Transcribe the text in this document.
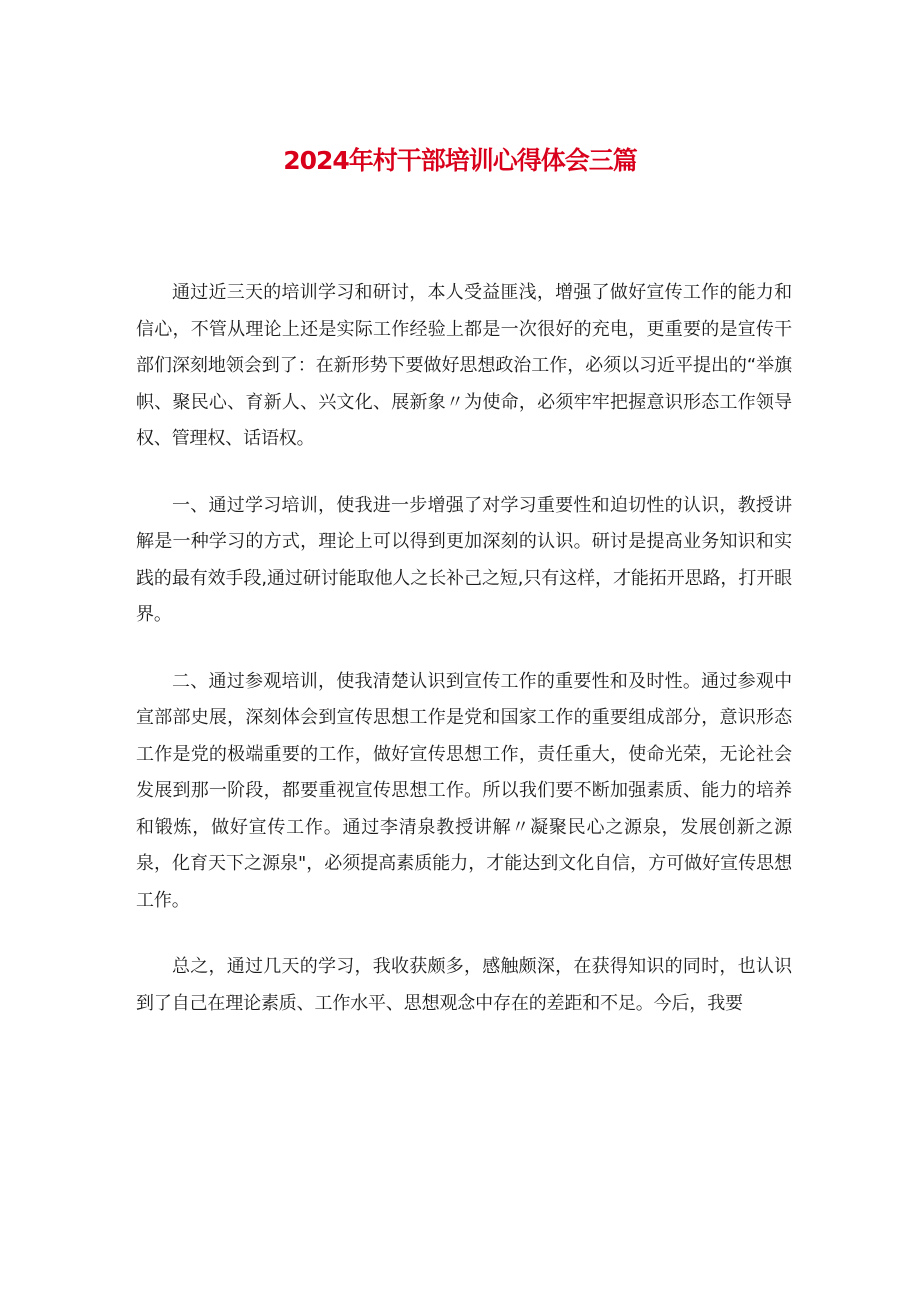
2024年村干部培训心得体会三篇

通过近三天的培训学习和研讨，本人受益匪浅，增强了做好宣传工作的能力和信心，不管从理论上还是实际工作经验上都是一次很好的充电，更重要的是宣传干部们深刻地领会到了：在新形势下要做好思想政治工作，必须以习近平提出的“举旗帜、聚民心、育新人、兴文化、展新象〃为使命，必须牢牢把握意识形态工作领导权、管理权、话语权。

一、通过学习培训，使我进一步增强了对学习重要性和迫切性的认识，教授讲解是一种学习的方式，理论上可以得到更加深刻的认识。研讨是提高业务知识和实践的最有效手段,通过研讨能取他人之长补己之短,只有这样，才能拓开思路，打开眼界。

二、通过参观培训，使我清楚认识到宣传工作的重要性和及时性。通过参观中宣部部史展，深刻体会到宣传思想工作是党和国家工作的重要组成部分，意识形态工作是党的极端重要的工作，做好宣传思想工作，责任重大，使命光荣，无论社会发展到那一阶段，都要重视宣传思想工作。所以我们要不断加强素质、能力的培养和锻炼，做好宣传工作。通过李清泉教授讲解〃凝聚民心之源泉，发展创新之源泉，化育天下之源泉"，必须提高素质能力，才能达到文化自信，方可做好宣传思想工作。

总之，通过几天的学习，我收获颇多，感触颇深，在获得知识的同时，也认识到了自己在理论素质、工作水平、思想观念中存在的差距和不足。今后，我要
